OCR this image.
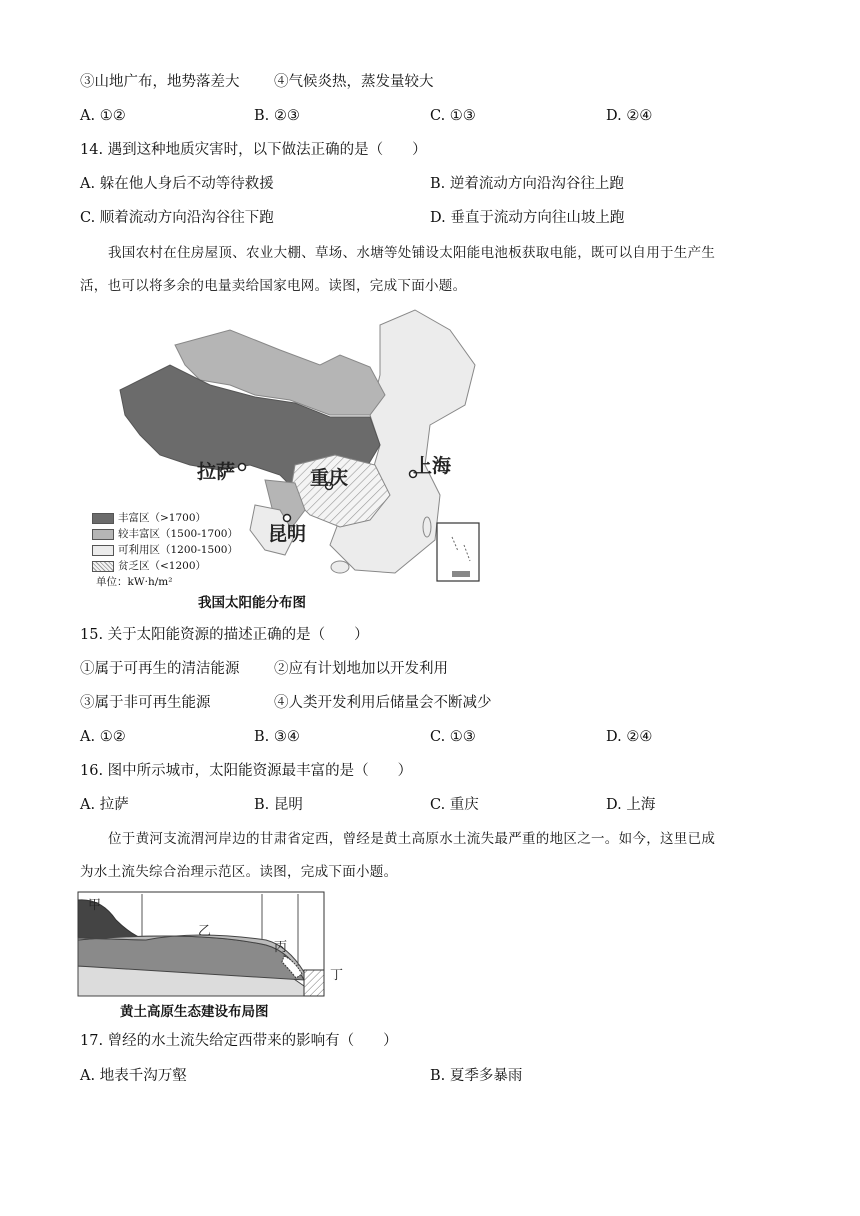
③山地广布，地势落差大 ④气候炎热，蒸发量较大
A. ①②	B. ②③	C. ①③	D. ②④
14. 遇到这种地质灾害时，以下做法正确的是（　　）
A. 躲在他人身后不动等待救援	B. 逆着流动方向沿沟谷往上跑
C. 顺着流动方向沿沟谷往下跑	D. 垂直于流动方向往山坡上跑
我国农村在住房屋顶、农业大棚、草场、水塘等处铺设太阳能电池板获取电能，既可以自用于生产生
活，也可以将多余的电量卖给国家电网。读图，完成下面小题。
拉萨	重庆
上海
昆明
我国太阳能分布图
丰富区（>1700）
较丰富区（1500-1700）
可利用区（1200-1500）
贫乏区（<1200）
单位：kW·h/m²
15. 关于太阳能资源的描述正确的是（　　）
①属于可再生的清洁能源 ②应有计划地加以开发利用
③属于非可再生能源	④人类开发利用后储量会不断减少
A. ①②	B. ③④	C. ①③	D. ②④
16. 图中所示城市，太阳能资源最丰富的是（　　）
A. 拉萨	B. 昆明	C. 重庆	D. 上海
位于黄河支流渭河岸边的甘肃省定西，曾经是黄土高原水土流失最严重的地区之一。如今，这里已成
为水土流失综合治理示范区。读图，完成下面小题。
甲
乙
丙
丁
黄土高原生态建设布局图
17. 曾经的水土流失给定西带来的影响有（　　）
A. 地表千沟万壑	B. 夏季多暴雨
